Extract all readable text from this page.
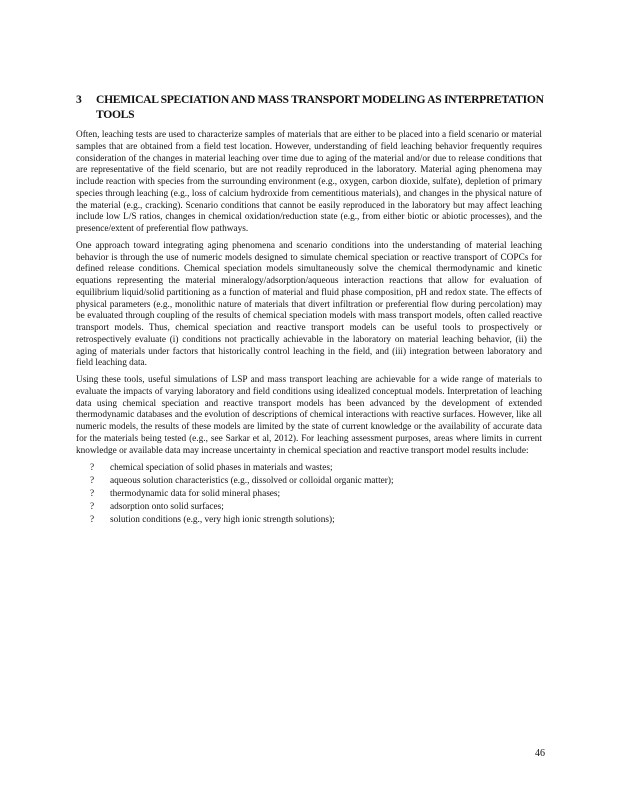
3	CHEMICAL SPECIATION AND MASS TRANSPORT MODELING AS INTERPRETATION TOOLS

Often, leaching tests are used to characterize samples of materials that are either to be placed into a field scenario or material samples that are obtained from a field test location. However, understanding of field leaching behavior frequently requires consideration of the changes in material leaching over time due to aging of the material and/or due to release conditions that are representative of the field scenario, but are not readily reproduced in the laboratory. Material aging phenomena may include reaction with species from the surrounding environment (e.g., oxygen, carbon dioxide, sulfate), depletion of primary species through leaching (e.g., loss of calcium hydroxide from cementitious materials), and changes in the physical nature of the material (e.g., cracking). Scenario conditions that cannot be easily reproduced in the laboratory but may affect leaching include low L/S ratios, changes in chemical oxidation/reduction state (e.g., from either biotic or abiotic processes), and the presence/extent of preferential flow pathways.

One approach toward integrating aging phenomena and scenario conditions into the understanding of material leaching behavior is through the use of numeric models designed to simulate chemical speciation or reactive transport of COPCs for defined release conditions. Chemical speciation models simultaneously solve the chemical thermodynamic and kinetic equations representing the material mineralogy/adsorption/aqueous interaction reactions that allow for evaluation of equilibrium liquid/solid partitioning as a function of material and fluid phase composition, pH and redox state. The effects of physical parameters (e.g., monolithic nature of materials that divert infiltration or preferential flow during percolation) may be evaluated through coupling of the results of chemical speciation models with mass transport models, often called reactive transport models. Thus, chemical speciation and reactive transport models can be useful tools to prospectively or retrospectively evaluate (i) conditions not practically achievable in the laboratory on material leaching behavior, (ii) the aging of materials under factors that historically control leaching in the field, and (iii) integration between laboratory and field leaching data.

Using these tools, useful simulations of LSP and mass transport leaching are achievable for a wide range of materials to evaluate the impacts of varying laboratory and field conditions using idealized conceptual models. Interpretation of leaching data using chemical speciation and reactive transport models has been advanced by the development of extended thermodynamic databases and the evolution of descriptions of chemical interactions with reactive surfaces. However, like all numeric models, the results of these models are limited by the state of current knowledge or the availability of accurate data for the materials being tested (e.g., see Sarkar et al, 2012). For leaching assessment purposes, areas where limits in current knowledge or available data may increase uncertainty in chemical speciation and reactive transport model results include:

? chemical speciation of solid phases in materials and wastes;
? aqueous solution characteristics (e.g., dissolved or colloidal organic matter);
? thermodynamic data for solid mineral phases;
? adsorption onto solid surfaces;
? solution conditions (e.g., very high ionic strength solutions);
46
